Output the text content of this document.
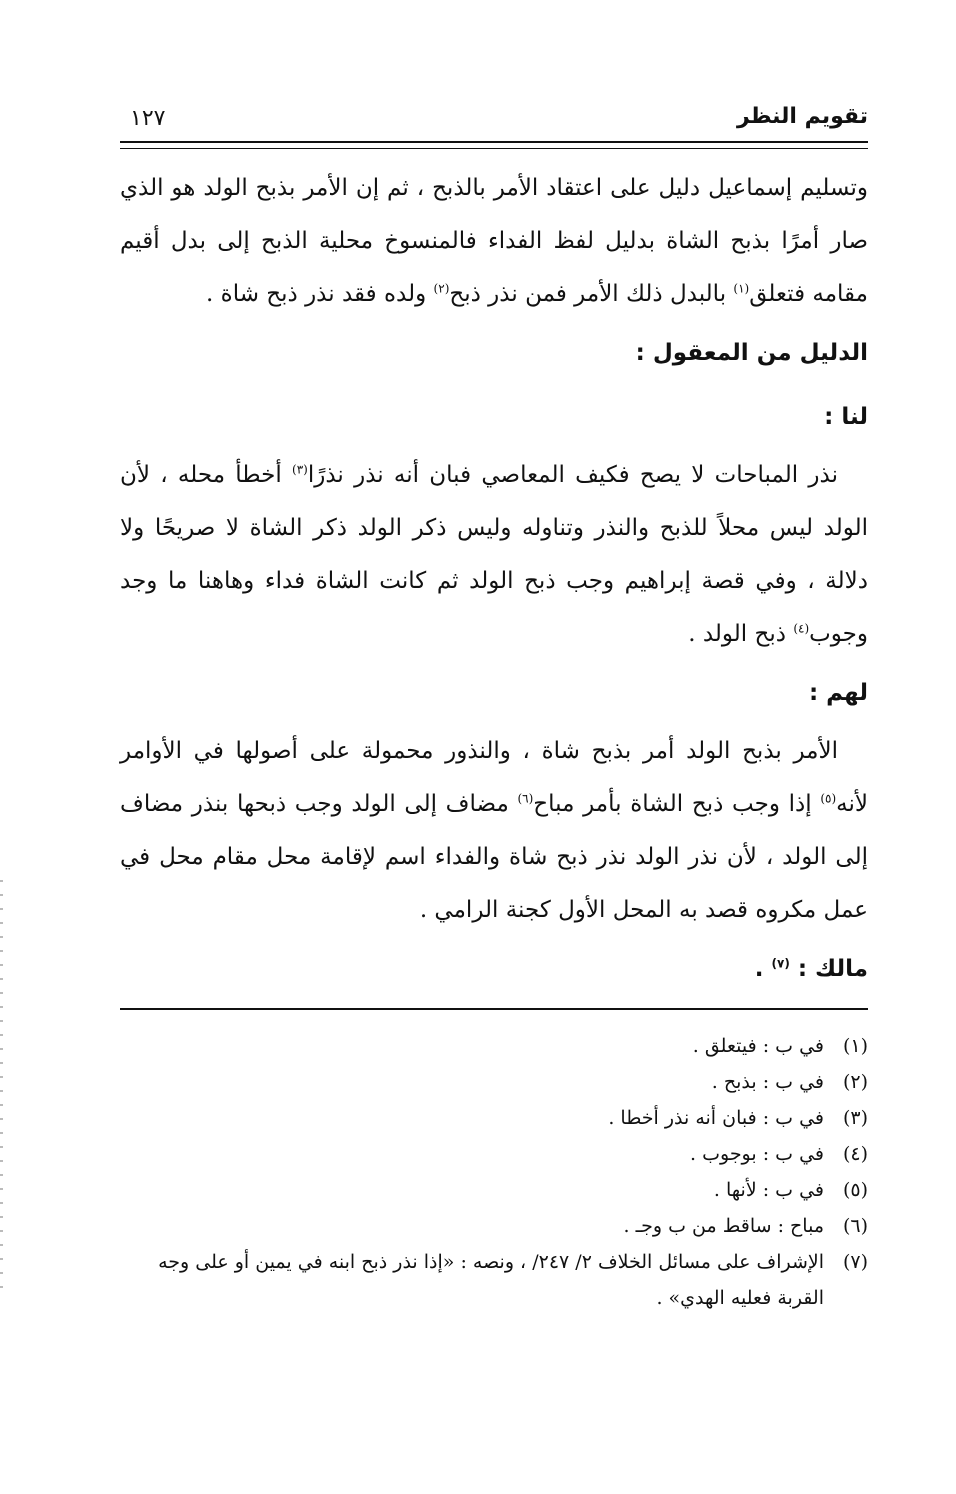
تقويم النظر
١٢٧

وتسليم إسماعيل دليل على اعتقاد الأمر بالذبح ، ثم إن الأمر بذبح الولد هو الذي صار أمرًا بذبح الشاة بدليل لفظ الفداء فالمنسوخ محلية الذبح إلى بدل أقيم مقامه فتعلق$^{(١)}$ بالبدل ذلك الأمر فمن نذر ذبح$^{(٢)}$ ولده فقد نذر ذبح شاة .

الدليل من المعقول :

لنا :

نذر المباحات لا يصح فكيف المعاصي فبان أنه نذر نذرًا$^{(٣)}$ أخطأ محله ، لأن الولد ليس محلاً للذبح والنذر وتناوله وليس ذكر الولد ذكر الشاة لا صريحًا ولا دلالة ، وفي قصة إبراهيم وجب ذبح الولد ثم كانت الشاة فداء وهاهنا ما وجد وجوب$^{(٤)}$ ذبح الولد .

لهم :

الأمر بذبح الولد أمر بذبح شاة ، والنذور محمولة على أصولها في الأوامر لأنه$^{(٥)}$ إذا وجب ذبح الشاة بأمر مباح$^{(٦)}$ مضاف إلى الولد وجب ذبحها بنذر مضاف إلى الولد ، لأن نذر الولد نذر ذبح شاة والفداء اسم لإقامة محل مقام محل في عمل مكروه قصد به المحل الأول كجنة الرامي .

مالك : $^{(٧)}$ .

(١)
في ب : فيتعلق .
(٢)
في ب : بذبح .
(٣)
في ب : فبان أنه نذر أخطا .
(٤)
في ب : بوجوب .
(٥)
في ب : لأنها .
(٦)
مباح : ساقط من ب وجـ .
(٧)
الإشراف على مسائل الخلاف ٢/ ٢٤٧/ ، ونصه : «إذا نذر ذبح ابنه في يمين أو على وجه القربة فعليه الهدي» .
